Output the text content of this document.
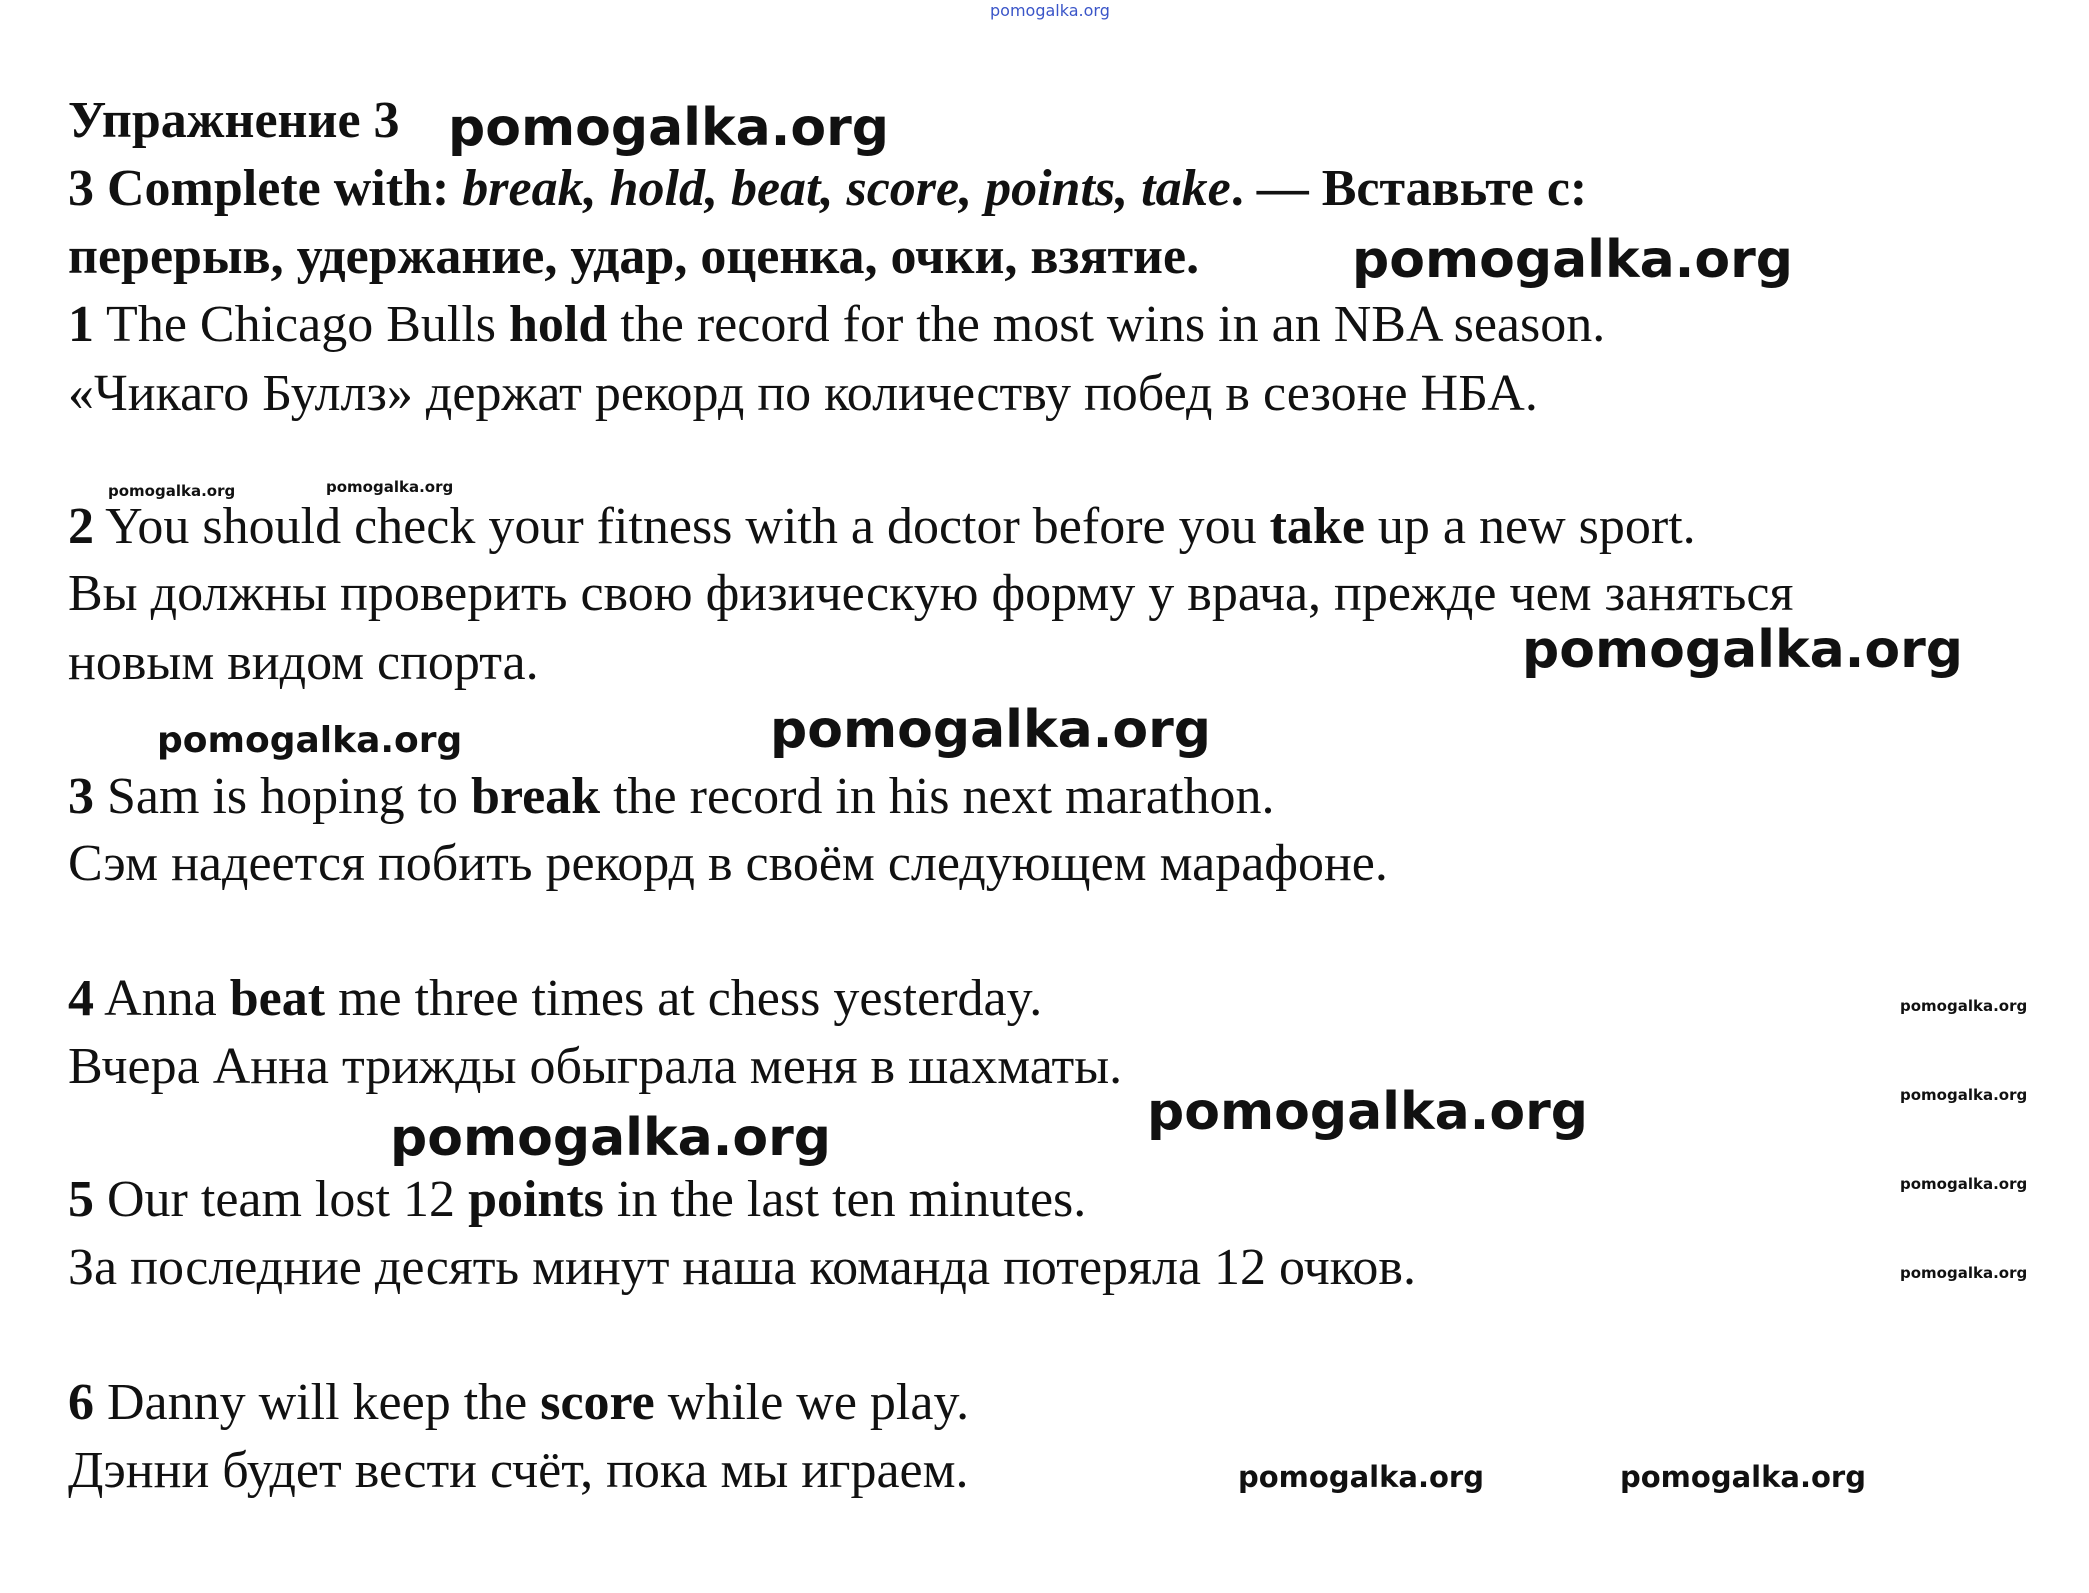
Упражнение 3
3 Complete with: break, hold, beat, score, points, take. — Вставьте с:
перерыв, удержание, удар, оценка, очки, взятие.
1 The Chicago Bulls hold the record for the most wins in an NBA season.
«Чикаго Буллз» держат рекорд по количеству побед в сезоне НБА.
2 You should check your fitness with a doctor before you take up a new sport.
Вы должны проверить свою физическую форму у врача, прежде чем заняться
новым видом спорта.
3 Sam is hoping to break the record in his next marathon.
Сэм надеется побить рекорд в своём следующем марафоне.
4 Anna beat me three times at chess yesterday.
Вчера Анна трижды обыграла меня в шахматы.
5 Our team lost 12 points in the last ten minutes.
За последние десять минут наша команда потеряла 12 очков.
6 Danny will keep the score while we play.
Дэнни будет вести счёт, пока мы играем.
pomogalka.org
pomogalka.org
pomogalka.org
pomogalka.org	pomogalka.org
pomogalka.org
pomogalka.org	pomogalka.org
pomogalka.org
pomogalka.org	pomogalka.org
pomogalka.org
pomogalka.org
pomogalka.org
pomogalka.org	pomogalka.org
